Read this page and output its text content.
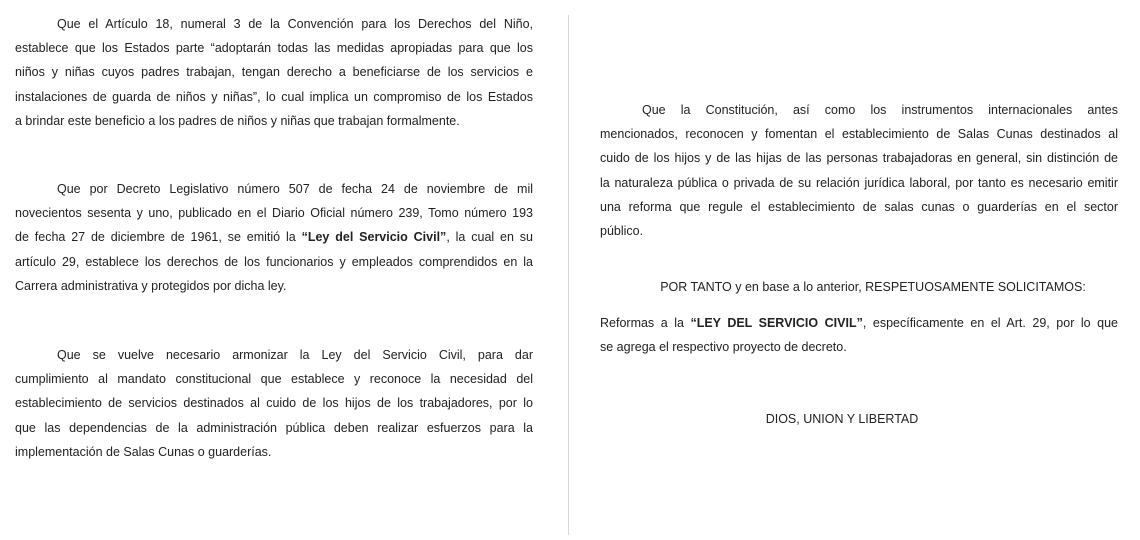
Que el Artículo 18, numeral 3 de la Convención para los Derechos del Niño,
establece que los Estados parte “adoptarán todas las medidas apropiadas para que los
niños y niñas cuyos padres trabajan, tengan derecho a beneficiarse de los servicios e
instalaciones de guarda de niños y niñas”, lo cual implica un compromiso de los Estados
a brindar este beneficio a los padres de niños y niñas que trabajan formalmente.
Que por Decreto Legislativo número 507 de fecha 24 de noviembre de mil
novecientos sesenta y uno, publicado en el Diario Oficial número 239, Tomo número 193
de fecha 27 de diciembre de 1961, se emitió la “Ley del Servicio Civil”, la cual en su
artículo 29, establece los derechos de los funcionarios y empleados comprendidos en la
Carrera administrativa y protegidos por dicha ley.
Que se vuelve necesario armonizar la Ley del Servicio Civil, para dar
cumplimiento al mandato constitucional que establece y reconoce la necesidad del
establecimiento de servicios destinados al cuido de los hijos de los trabajadores, por lo
que las dependencias de la administración pública deben realizar esfuerzos para la
implementación de Salas Cunas o guarderías.
Que la Constitución, así como los instrumentos internacionales antes
mencionados, reconocen y fomentan el establecimiento de Salas Cunas destinados al
cuido de los hijos y de las hijas de las personas trabajadoras en general, sin distinción de
la naturaleza pública o privada de su relación jurídica laboral, por tanto es necesario emitir
una reforma que regule el establecimiento de salas cunas o guarderías en el sector
público.
POR TANTO y en base a lo anterior, RESPETUOSAMENTE SOLICITAMOS:
Reformas a la “LEY DEL SERVICIO CIVIL”, específicamente en el Art. 29, por lo que
se agrega el respectivo proyecto de decreto.
DIOS, UNION Y LIBERTAD
